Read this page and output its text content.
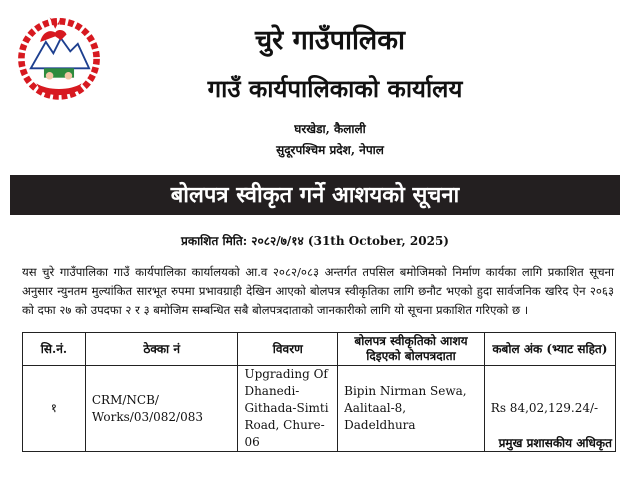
चुरे गाउँपालिका
गाउँ कार्यपालिकाको कार्यालय
घरखेडा, कैलाली
सुदूरपश्चिम प्रदेश, नेपाल
बोलपत्र स्वीकृत गर्ने आशयको सूचना
प्रकाशित मिति: २०८२/७/१४ (31th October, 2025)
यस चुरे गाउँपालिका गाउँ कार्यपालिका कार्यालयको आ.व २०८२/०८३ अन्तर्गत तपसिल बमोजिमको निर्माण कार्यका लागि प्रकाशित सूचना अनुसार न्युनतम मुल्यांकित सारभूत रुपमा प्रभावग्राही देखिन आएको बोलपत्र स्वीकृतिका लागि छनौट भएको हुदा सार्वजनिक खरिद ऐन २०६३ को दफा २७ को उपदफा २ र ३ बमोजिम सम्बन्धित सबै बोलपत्रदाताको जानकारीको लागि यो सूचना प्रकाशित गरिएको छ ।
सि.नं.	ठेक्का नं	विवरण	बोलपत्र स्वीकृतिको आशय दिइएको बोलपत्रदाता	कबोल अंक (भ्याट सहित)
१	CRM/NCB/ Works/03/082/083	Upgrading Of Dhanedi-Githada-Simti Road, Chure-06	Bipin Nirman Sewa, Aalitaal-8, Dadeldhura	Rs 84,02,129.24/-
प्रमुख प्रशासकीय अधिकृत
